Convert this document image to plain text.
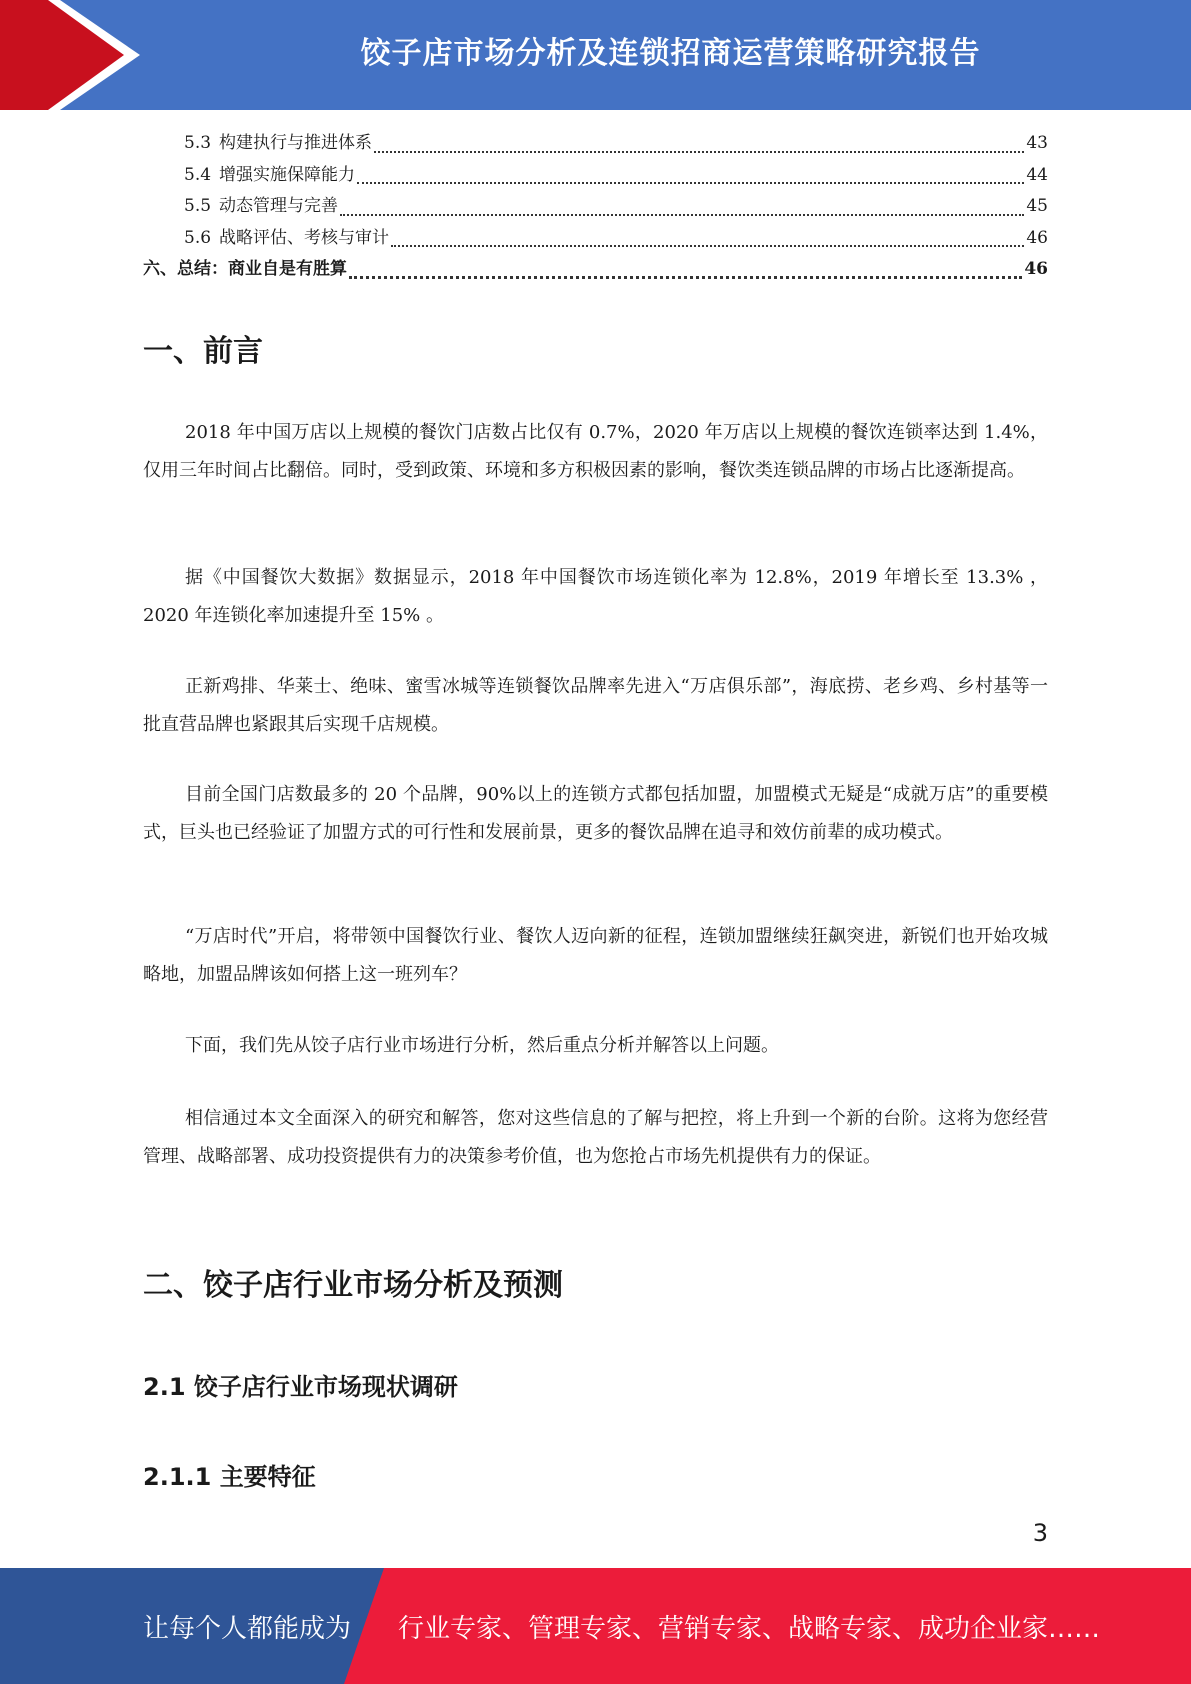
饺子店市场分析及连锁招商运营策略研究报告
5.3 构建执行与推进体系	43
5.4 增强实施保障能力	44
5.5 动态管理与完善	45
5.6 战略评估、考核与审计	46
六、总结：商业自是有胜算	46
一、前言

2018 年中国万店以上规模的餐饮门店数占比仅有 0.7%，2020 年万店以上规模的餐饮连锁率达到 1.4%，仅用三年时间占比翻倍。同时，受到政策、环境和多方积极因素的影响，餐饮类连锁品牌的市场占比逐渐提高。

据《中国餐饮大数据》数据显示，2018 年中国餐饮市场连锁化率为 12.8%，2019 年增长至 13.3% ，2020 年连锁化率加速提升至 15% 。

正新鸡排、华莱士、绝味、蜜雪冰城等连锁餐饮品牌率先进入“万店俱乐部”，海底捞、老乡鸡、乡村基等一批直营品牌也紧跟其后实现千店规模。

目前全国门店数最多的 20 个品牌，90%以上的连锁方式都包括加盟，加盟模式无疑是“成就万店”的重要模式，巨头也已经验证了加盟方式的可行性和发展前景，更多的餐饮品牌在追寻和效仿前辈的成功模式。

“万店时代”开启，将带领中国餐饮行业、餐饮人迈向新的征程，连锁加盟继续狂飙突进，新锐们也开始攻城略地，加盟品牌该如何搭上这一班列车？

下面，我们先从饺子店行业市场进行分析，然后重点分析并解答以上问题。

相信通过本文全面深入的研究和解答，您对这些信息的了解与把控，将上升到一个新的台阶。这将为您经营管理、战略部署、成功投资提供有力的决策参考价值，也为您抢占市场先机提供有力的保证。

二、饺子店行业市场分析及预测
2.1 饺子店行业市场现状调研
2.1.1 主要特征
3
让每个人都能成为 行业专家、管理专家、营销专家、战略专家、成功企业家……
